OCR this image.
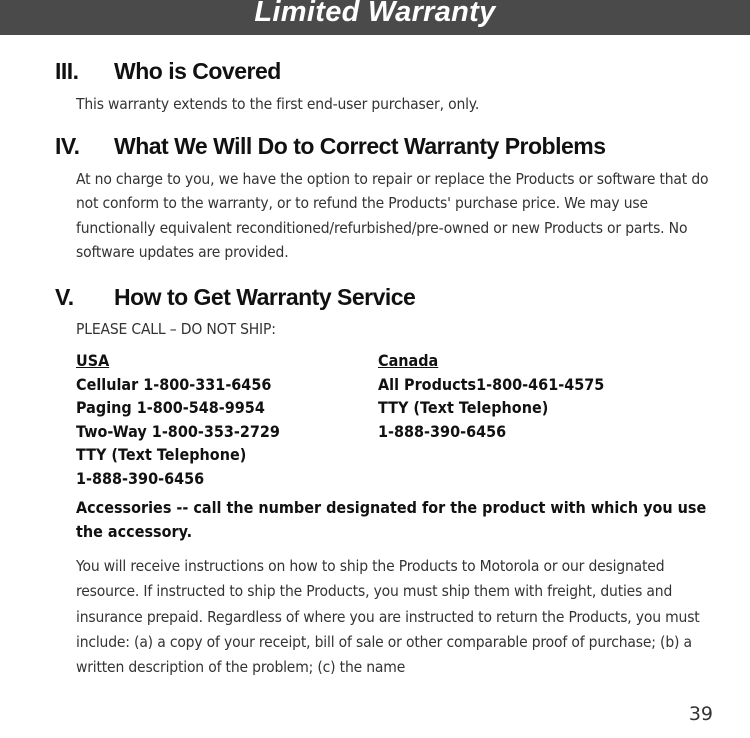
Limited Warranty
III. Who is Covered
This warranty extends to the first end-user purchaser, only.
IV. What We Will Do to Correct Warranty Problems
At no charge to you, we have the option to repair or replace the Products or software that do not conform to the warranty, or to refund the Products' purchase price. We may use functionally equivalent reconditioned/refurbished/pre-owned or new Products or parts. No software updates are provided.
V. How to Get Warranty Service
PLEASE CALL – DO NOT SHIP:
USA
Cellular 1-800-331-6456
Paging 1-800-548-9954
Two-Way 1-800-353-2729
TTY (Text Telephone)
1-888-390-6456
Canada
All Products1-800-461-4575
TTY (Text Telephone)
1-888-390-6456
Accessories -- call the number designated for the product with which you use the accessory.
You will receive instructions on how to ship the Products to Motorola or our designated resource. If instructed to ship the Products, you must ship them with freight, duties and insurance prepaid. Regardless of where you are instructed to return the Products, you must include: (a) a copy of your receipt, bill of sale or other comparable proof of purchase; (b) a written description of the problem; (c) the name
39
